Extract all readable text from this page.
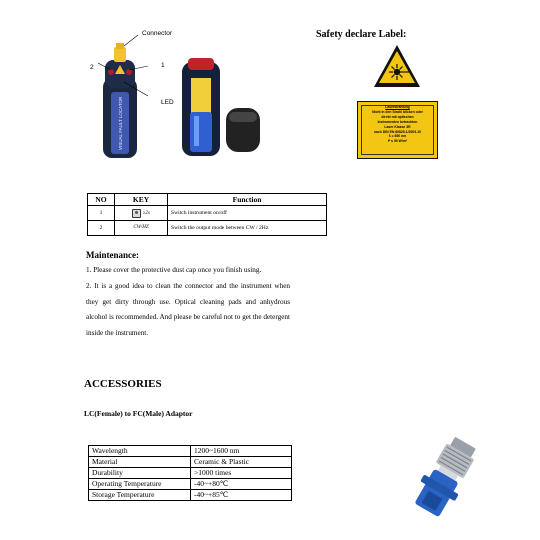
VISUAL FAULT LOCATOR
Connector
2	1
LED
Safety declare Label:
Laserstrahlung
Nicht in den Strahl blicken oder
direkt mit optischen
Instrumenten betrachten
Laser Klasse 3R
nach DIN EN 60825-1/2003-10
λ = 650 nm
P ≤ 50 W/m²
NO	KEY	Function
1	≥2s	Switch instrument on/off
2	CW/HZ	Switch the output mode between CW / 2Hz
Maintenance:
1. Please cover the protective dust cap once you finish using.
2. It is a good idea to clean the connector and the instrument when they get dirty through use. Optical cleaning pads and anhydrous alcohol is recommended. And please be careful not to get the detergent inside the instrument.
ACCESSORIES
LC(Female) to FC(Male) Adaptor
Wavelength	1200~1600 nm
Material	Ceramic & Plastic
Durability	>1000 times
Operating Temperature	-40~+80℃
Storage Temperature	-40~+85℃
